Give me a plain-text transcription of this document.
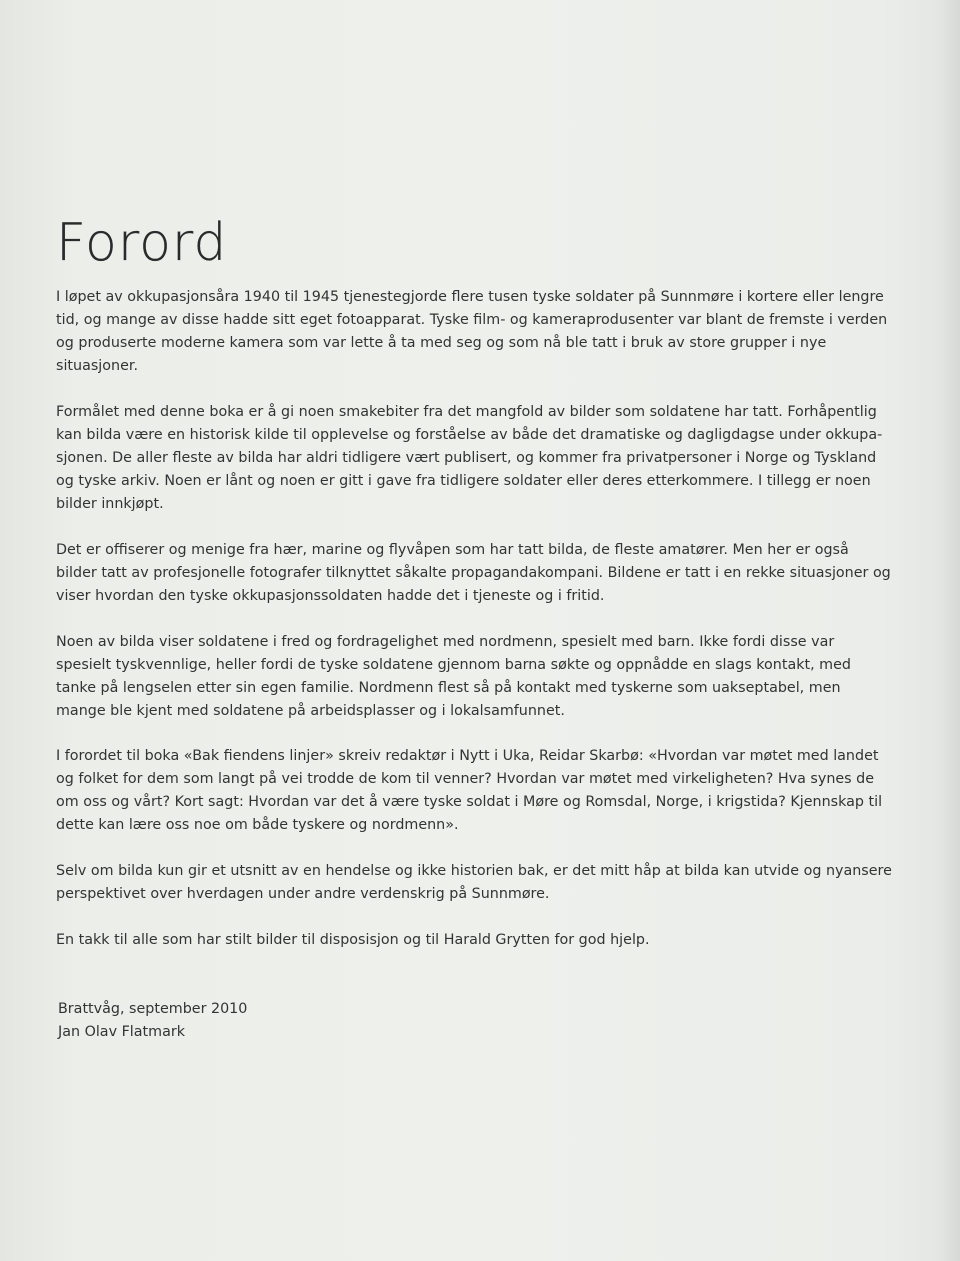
Forord

I løpet av okkupasjonsåra 1940 til 1945 tjenestegjorde flere tusen tyske soldater på Sunnmøre i kortere eller lengre tid, og mange av disse hadde sitt eget fotoapparat. Tyske film- og kameraprodusenter var blant de fremste i verden og produserte moderne kamera som var lette å ta med seg og som nå ble tatt i bruk av store grupper i nye situasjoner.

Formålet med denne boka er å gi noen smakebiter fra det mangfold av bilder som soldatene har tatt. Forhåpentlig kan bilda være en historisk kilde til opplevelse og forståelse av både det dramatiske og dagligdagse under okkupa-sjonen. De aller fleste av bilda har aldri tidligere vært publisert, og kommer fra privatpersoner i Norge og Tyskland og tyske arkiv. Noen er lånt og noen er gitt i gave fra tidligere soldater eller deres etterkommere. I tillegg er noen bilder innkjøpt.

Det er offiserer og menige fra hær, marine og flyvåpen som har tatt bilda, de fleste amatører. Men her er også bilder tatt av profesjonelle fotografer tilknyttet såkalte propagandakompani. Bildene er tatt i en rekke situasjoner og viser hvordan den tyske okkupasjonssoldaten hadde det i tjeneste og i fritid.

Noen av bilda viser soldatene i fred og fordragelighet med nordmenn, spesielt med barn. Ikke fordi disse var spesielt tyskvennlige, heller fordi de tyske soldatene gjennom barna søkte og oppnådde en slags kontakt, med tanke på lengselen etter sin egen familie. Nordmenn flest så på kontakt med tyskerne som uakseptabel, men mange ble kjent med soldatene på arbeidsplasser og i lokalsamfunnet.

I forordet til boka «Bak fiendens linjer» skreiv redaktør i Nytt i Uka, Reidar Skarbø: «Hvordan var møtet med landet og folket for dem som langt på vei trodde de kom til venner? Hvordan var møtet med virkeligheten? Hva synes de om oss og vårt? Kort sagt: Hvordan var det å være tyske soldat i Møre og Romsdal, Norge, i krigstida? Kjennskap til dette kan lære oss noe om både tyskere og nordmenn».

Selv om bilda kun gir et utsnitt av en hendelse og ikke historien bak, er det mitt håp at bilda kan utvide og nyansere perspektivet over hverdagen under andre verdenskrig på Sunnmøre.

En takk til alle som har stilt bilder til disposisjon og til Harald Grytten for god hjelp.

Brattvåg, september 2010
Jan Olav Flatmark
